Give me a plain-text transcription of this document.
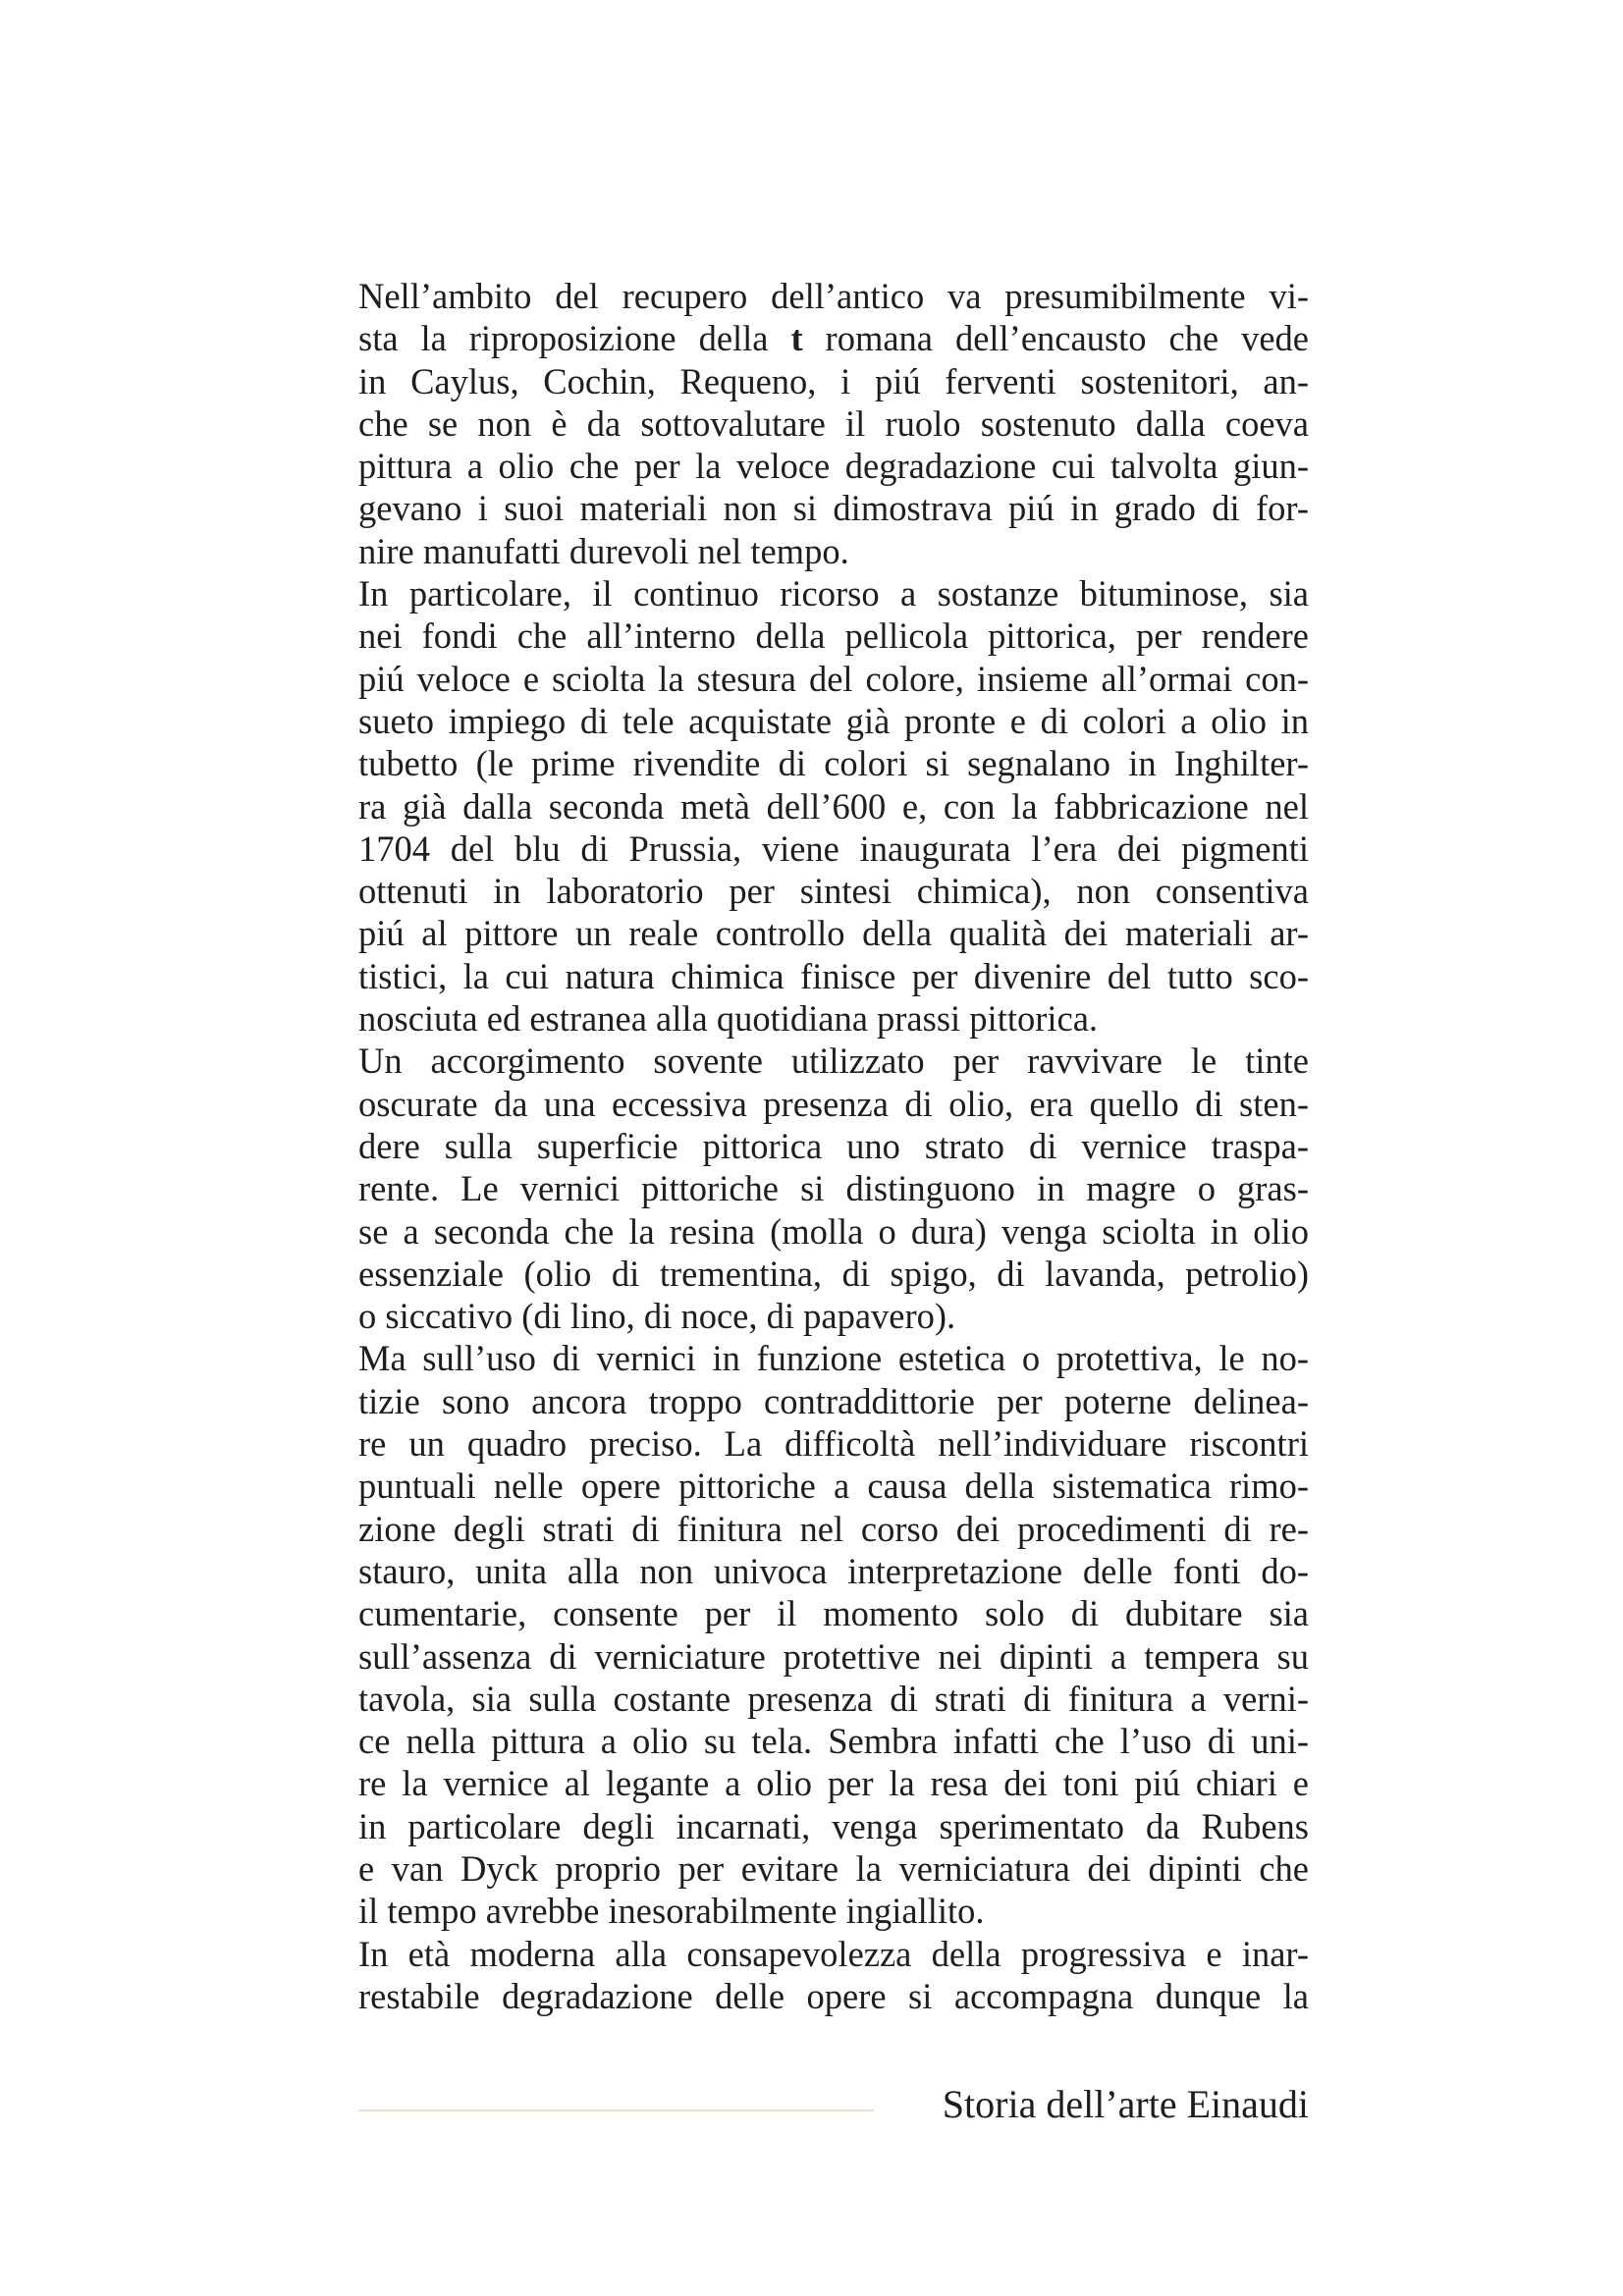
Nell’ambito del recupero dell’antico va presumibilmente vi-
sta la riproposizione della t romana dell’encausto che vede
in Caylus, Cochin, Requeno, i piú ferventi sostenitori, an-
che se non è da sottovalutare il ruolo sostenuto dalla coeva
pittura a olio che per la veloce degradazione cui talvolta giun-
gevano i suoi materiali non si dimostrava piú in grado di for-
nire manufatti durevoli nel tempo.
In particolare, il continuo ricorso a sostanze bituminose, sia
nei fondi che all’interno della pellicola pittorica, per rendere
piú veloce e sciolta la stesura del colore, insieme all’ormai con-
sueto impiego di tele acquistate già pronte e di colori a olio in
tubetto (le prime rivendite di colori si segnalano in Inghilter-
ra già dalla seconda metà dell’600 e, con la fabbricazione nel
1704 del blu di Prussia, viene inaugurata l’era dei pigmenti
ottenuti in laboratorio per sintesi chimica), non consentiva
piú al pittore un reale controllo della qualità dei materiali ar-
tistici, la cui natura chimica finisce per divenire del tutto sco-
nosciuta ed estranea alla quotidiana prassi pittorica.
Un accorgimento sovente utilizzato per ravvivare le tinte
oscurate da una eccessiva presenza di olio, era quello di sten-
dere sulla superficie pittorica uno strato di vernice traspa-
rente. Le vernici pittoriche si distinguono in magre o gras-
se a seconda che la resina (molla o dura) venga sciolta in olio
essenziale (olio di trementina, di spigo, di lavanda, petrolio)
o siccativo (di lino, di noce, di papavero).
Ma sull’uso di vernici in funzione estetica o protettiva, le no-
tizie sono ancora troppo contraddittorie per poterne delinea-
re un quadro preciso. La difficoltà nell’individuare riscontri
puntuali nelle opere pittoriche a causa della sistematica rimo-
zione degli strati di finitura nel corso dei procedimenti di re-
stauro, unita alla non univoca interpretazione delle fonti do-
cumentarie, consente per il momento solo di dubitare sia
sull’assenza di verniciature protettive nei dipinti a tempera su
tavola, sia sulla costante presenza di strati di finitura a verni-
ce nella pittura a olio su tela. Sembra infatti che l’uso di uni-
re la vernice al legante a olio per la resa dei toni piú chiari e
in particolare degli incarnati, venga sperimentato da Rubens
e van Dyck proprio per evitare la verniciatura dei dipinti che
il tempo avrebbe inesorabilmente ingiallito.
In età moderna alla consapevolezza della progressiva e inar-
restabile degradazione delle opere si accompagna dunque la
Storia dell’arte Einaudi
